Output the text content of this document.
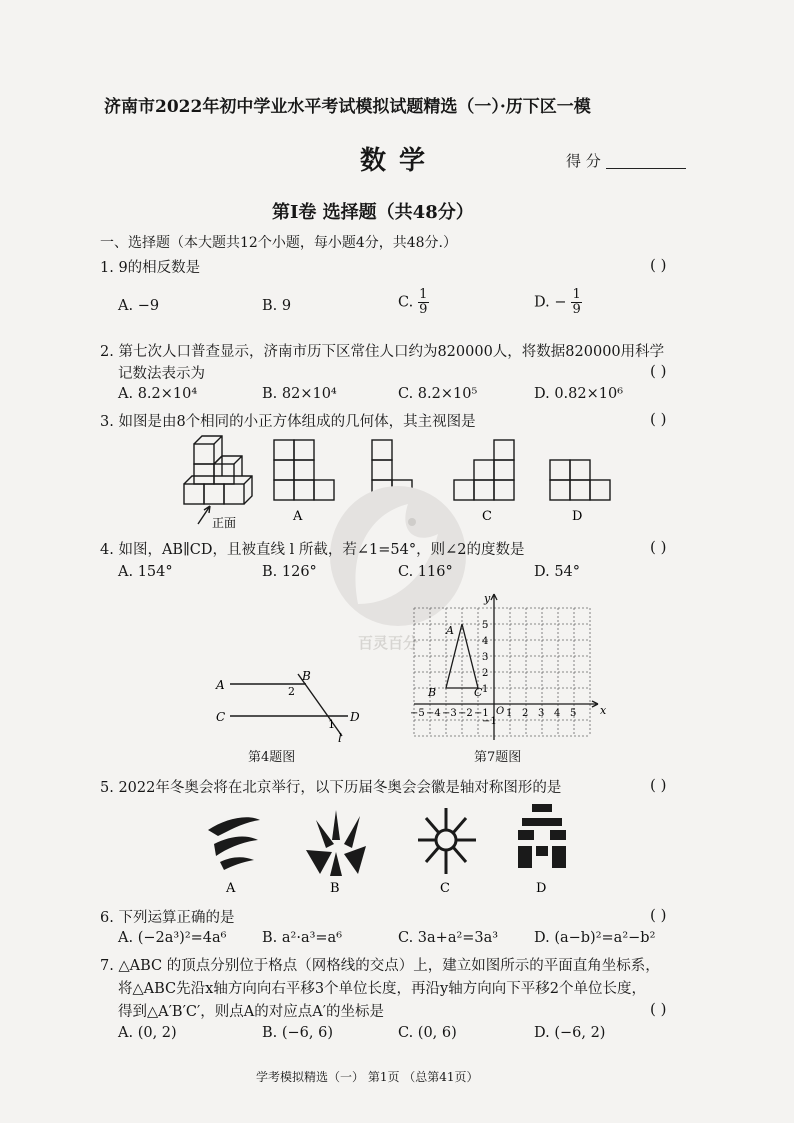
济南市2022年初中学业水平考试模拟试题精选（一）·历下区一模
数 学	得 分
第Ⅰ卷 选择题（共48分）
一、选择题（本大题共12个小题，每小题4分，共48分.）
1. 9的相反数是	( )
A. −9	B. 9	C. $\frac{1}{9}$	D. − $\frac{1}{9}$
2. 第七次人口普查显示，济南市历下区常住人口约为820000人，将数据820000用科学
记数法表示为	( )
A. 8.2×10⁴	B. 82×10⁴	C. 8.2×10⁵	D. 0.82×10⁶
3. 如图是由8个相同的小正方体组成的几何体，其主视图是	( )
正面	A	C	D
百灵百分
4. 如图，AB∥CD，且被直线 l 所截，若∠1=54°，则∠2的度数是	( )
A. 154°	B. 126°	C. 116°	D. 54°
A
B
C	D
l
1
2
第4题图
x
y
O
A
B	C
−5 −4 −3 −2 −1 1 2 3 4 5
5
4
3
2
1
−1
第7题图
5. 2022年冬奥会将在北京举行，以下历届冬奥会会徽是轴对称图形的是	( )
A	B	C	D
6. 下列运算正确的是	( )
A. (−2a³)²=4a⁶ B. a²·a³=a⁶	C. 3a+a²=3a³ D. (a−b)²=a²−b²
7. △ABC 的顶点分别位于格点（网格线的交点）上，建立如图所示的平面直角坐标系，
将△ABC先沿x轴方向向右平移3个单位长度，再沿y轴方向向下平移2个单位长度，
得到△A′B′C′，则点A的对应点A′的坐标是	( )
A. (0, 2)	B. (−6, 6)	C. (0, 6)	D. (−6, 2)
学考模拟精选（一） 第1页 （总第41页）
